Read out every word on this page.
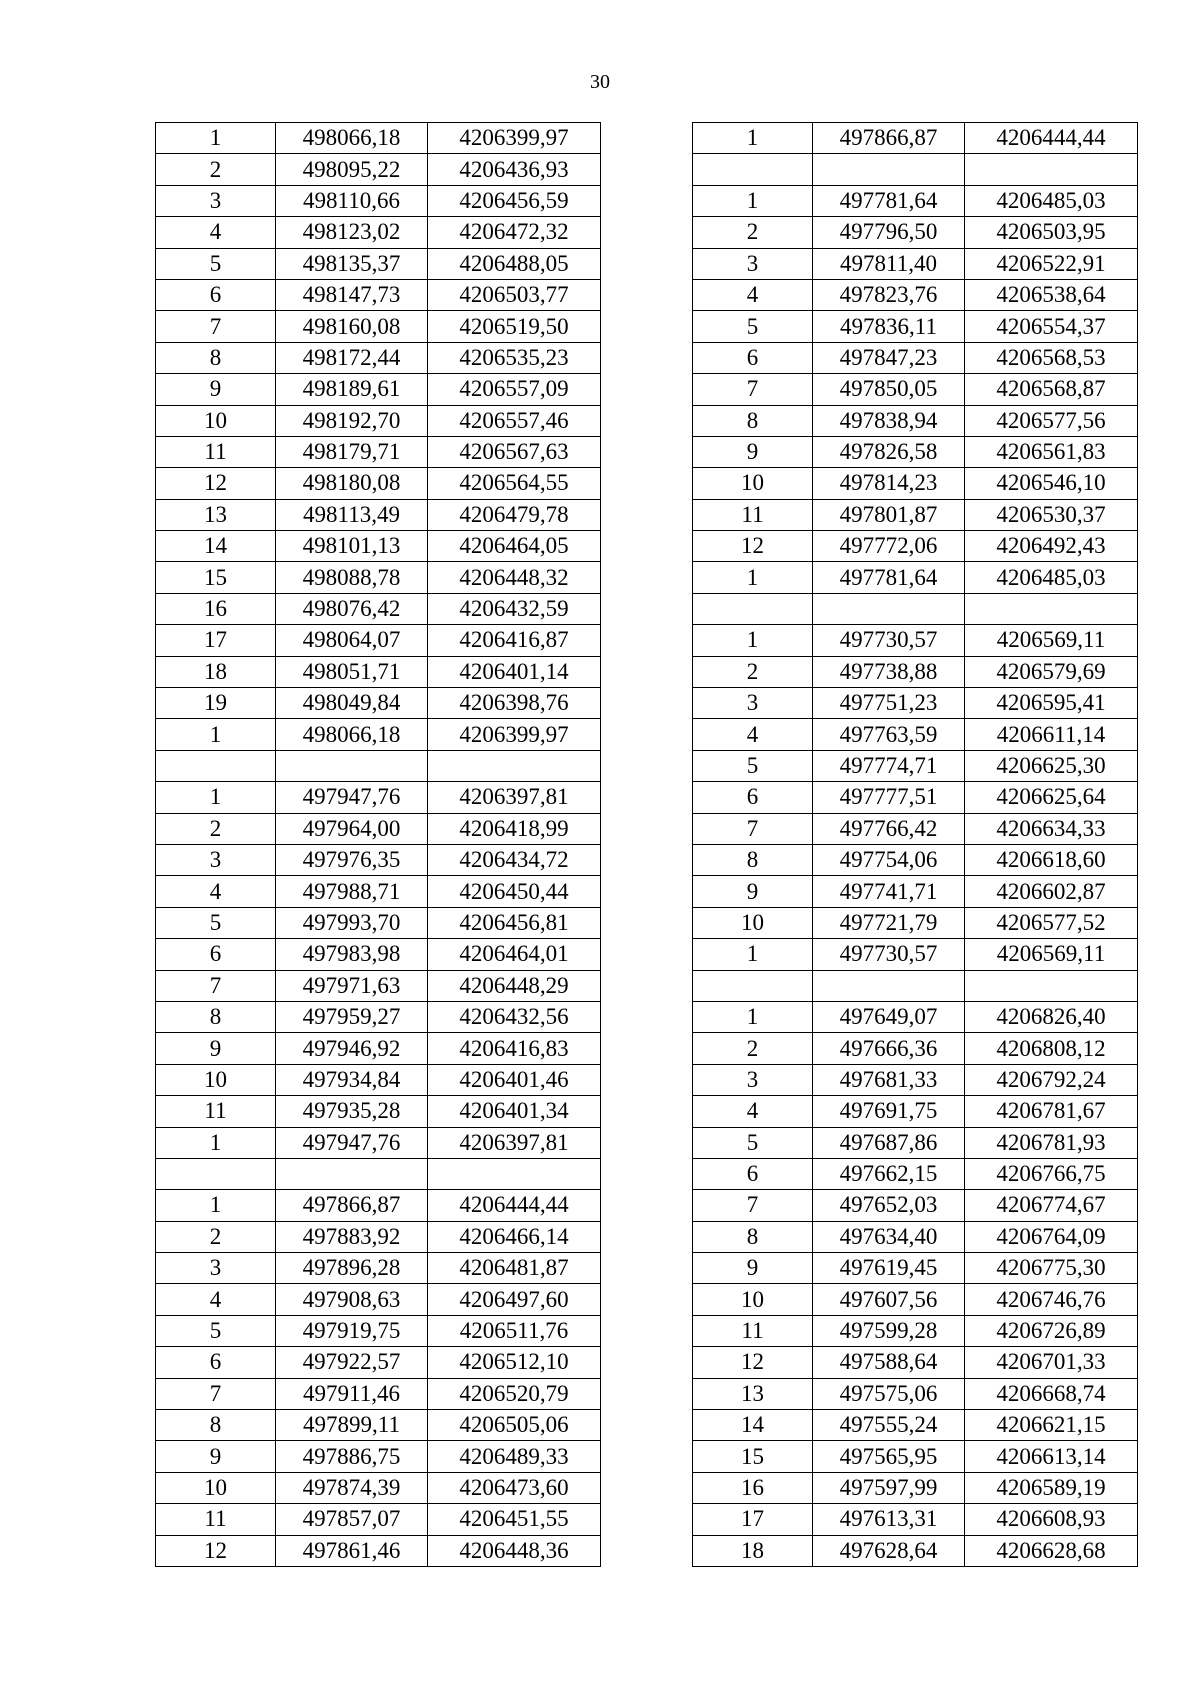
30
1	498066,18	4206399,97
2	498095,22	4206436,93
3	498110,66	4206456,59
4	498123,02	4206472,32
5	498135,37	4206488,05
6	498147,73	4206503,77
7	498160,08	4206519,50
8	498172,44	4206535,23
9	498189,61	4206557,09
10	498192,70	4206557,46
11	498179,71	4206567,63
12	498180,08	4206564,55
13	498113,49	4206479,78
14	498101,13	4206464,05
15	498088,78	4206448,32
16	498076,42	4206432,59
17	498064,07	4206416,87
18	498051,71	4206401,14
19	498049,84	4206398,76
1	498066,18	4206399,97

1	497947,76	4206397,81
2	497964,00	4206418,99
3	497976,35	4206434,72
4	497988,71	4206450,44
5	497993,70	4206456,81
6	497983,98	4206464,01
7	497971,63	4206448,29
8	497959,27	4206432,56
9	497946,92	4206416,83
10	497934,84	4206401,46
11	497935,28	4206401,34
1	497947,76	4206397,81

1	497866,87	4206444,44
2	497883,92	4206466,14
3	497896,28	4206481,87
4	497908,63	4206497,60
5	497919,75	4206511,76
6	497922,57	4206512,10
7	497911,46	4206520,79
8	497899,11	4206505,06
9	497886,75	4206489,33
10	497874,39	4206473,60
11	497857,07	4206451,55
12	497861,46	4206448,36
1	497866,87	4206444,44

1	497781,64	4206485,03
2	497796,50	4206503,95
3	497811,40	4206522,91
4	497823,76	4206538,64
5	497836,11	4206554,37
6	497847,23	4206568,53
7	497850,05	4206568,87
8	497838,94	4206577,56
9	497826,58	4206561,83
10	497814,23	4206546,10
11	497801,87	4206530,37
12	497772,06	4206492,43
1	497781,64	4206485,03

1	497730,57	4206569,11
2	497738,88	4206579,69
3	497751,23	4206595,41
4	497763,59	4206611,14
5	497774,71	4206625,30
6	497777,51	4206625,64
7	497766,42	4206634,33
8	497754,06	4206618,60
9	497741,71	4206602,87
10	497721,79	4206577,52
1	497730,57	4206569,11

1	497649,07	4206826,40
2	497666,36	4206808,12
3	497681,33	4206792,24
4	497691,75	4206781,67
5	497687,86	4206781,93
6	497662,15	4206766,75
7	497652,03	4206774,67
8	497634,40	4206764,09
9	497619,45	4206775,30
10	497607,56	4206746,76
11	497599,28	4206726,89
12	497588,64	4206701,33
13	497575,06	4206668,74
14	497555,24	4206621,15
15	497565,95	4206613,14
16	497597,99	4206589,19
17	497613,31	4206608,93
18	497628,64	4206628,68
